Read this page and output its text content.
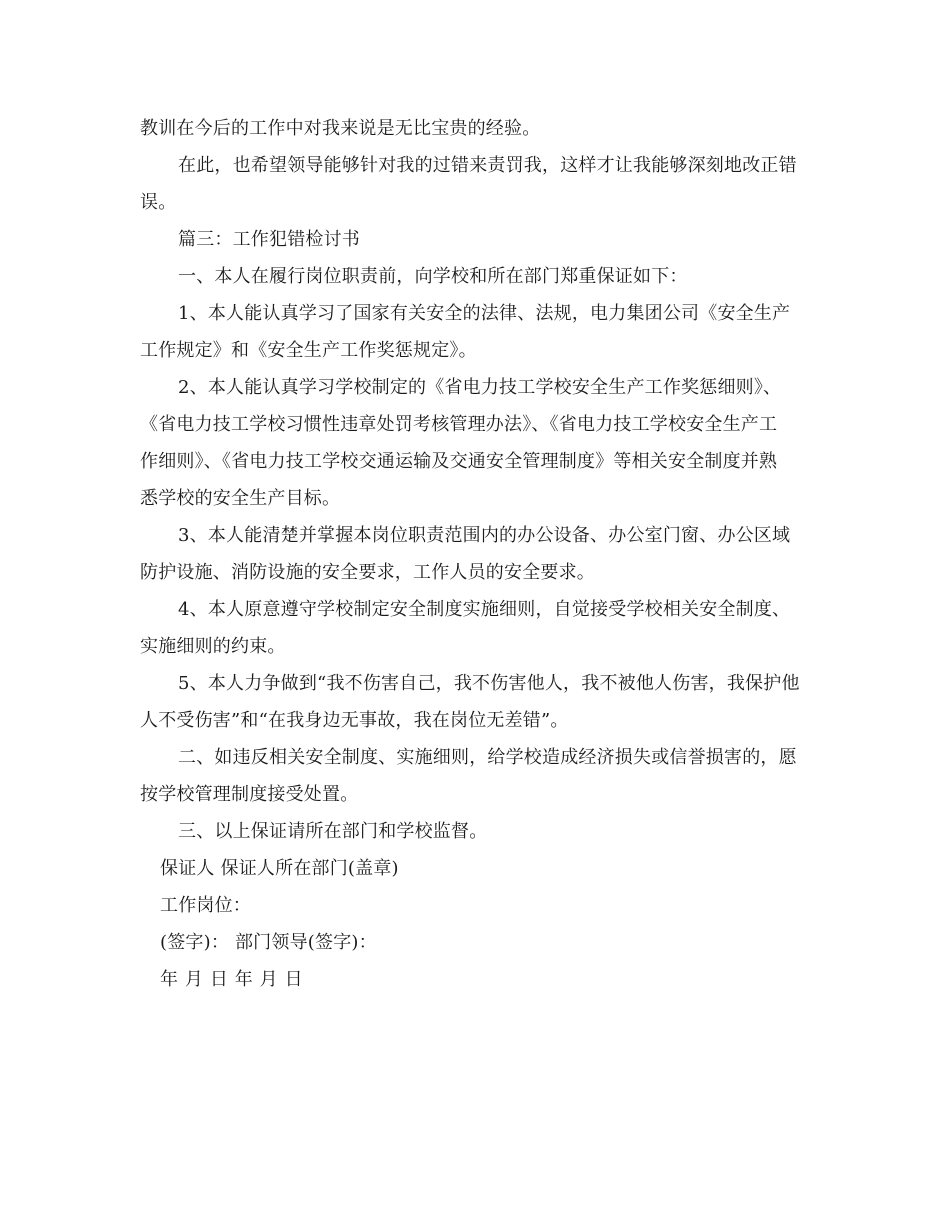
教训在今后的工作中对我来说是无比宝贵的经验。
在此，也希望领导能够针对我的过错来责罚我，这样才让我能够深刻地改正错
误。
篇三：工作犯错检讨书
一、本人在履行岗位职责前，向学校和所在部门郑重保证如下：
1、本人能认真学习了国家有关安全的法律、法规，电力集团公司《安全生产
工作规定》和《安全生产工作奖惩规定》。
2、本人能认真学习学校制定的《省电力技工学校安全生产工作奖惩细则》、
《省电力技工学校习惯性违章处罚考核管理办法》、《省电力技工学校安全生产工
作细则》、《省电力技工学校交通运输及交通安全管理制度》等相关安全制度并熟
悉学校的安全生产目标。
3、本人能清楚并掌握本岗位职责范围内的办公设备、办公室门窗、办公区域
防护设施、消防设施的安全要求，工作人员的安全要求。
4、本人原意遵守学校制定安全制度实施细则，自觉接受学校相关安全制度、
实施细则的约束。
5、本人力争做到“我不伤害自己，我不伤害他人，我不被他人伤害，我保护他
人不受伤害”和“在我身边无事故，我在岗位无差错”。
二、如违反相关安全制度、实施细则，给学校造成经济损失或信誉损害的，愿
按学校管理制度接受处置。
三、以上保证请所在部门和学校监督。
保证人 保证人所在部门(盖章)
工作岗位：
(签字)： 部门领导(签字)：
年 月 日 年 月 日
